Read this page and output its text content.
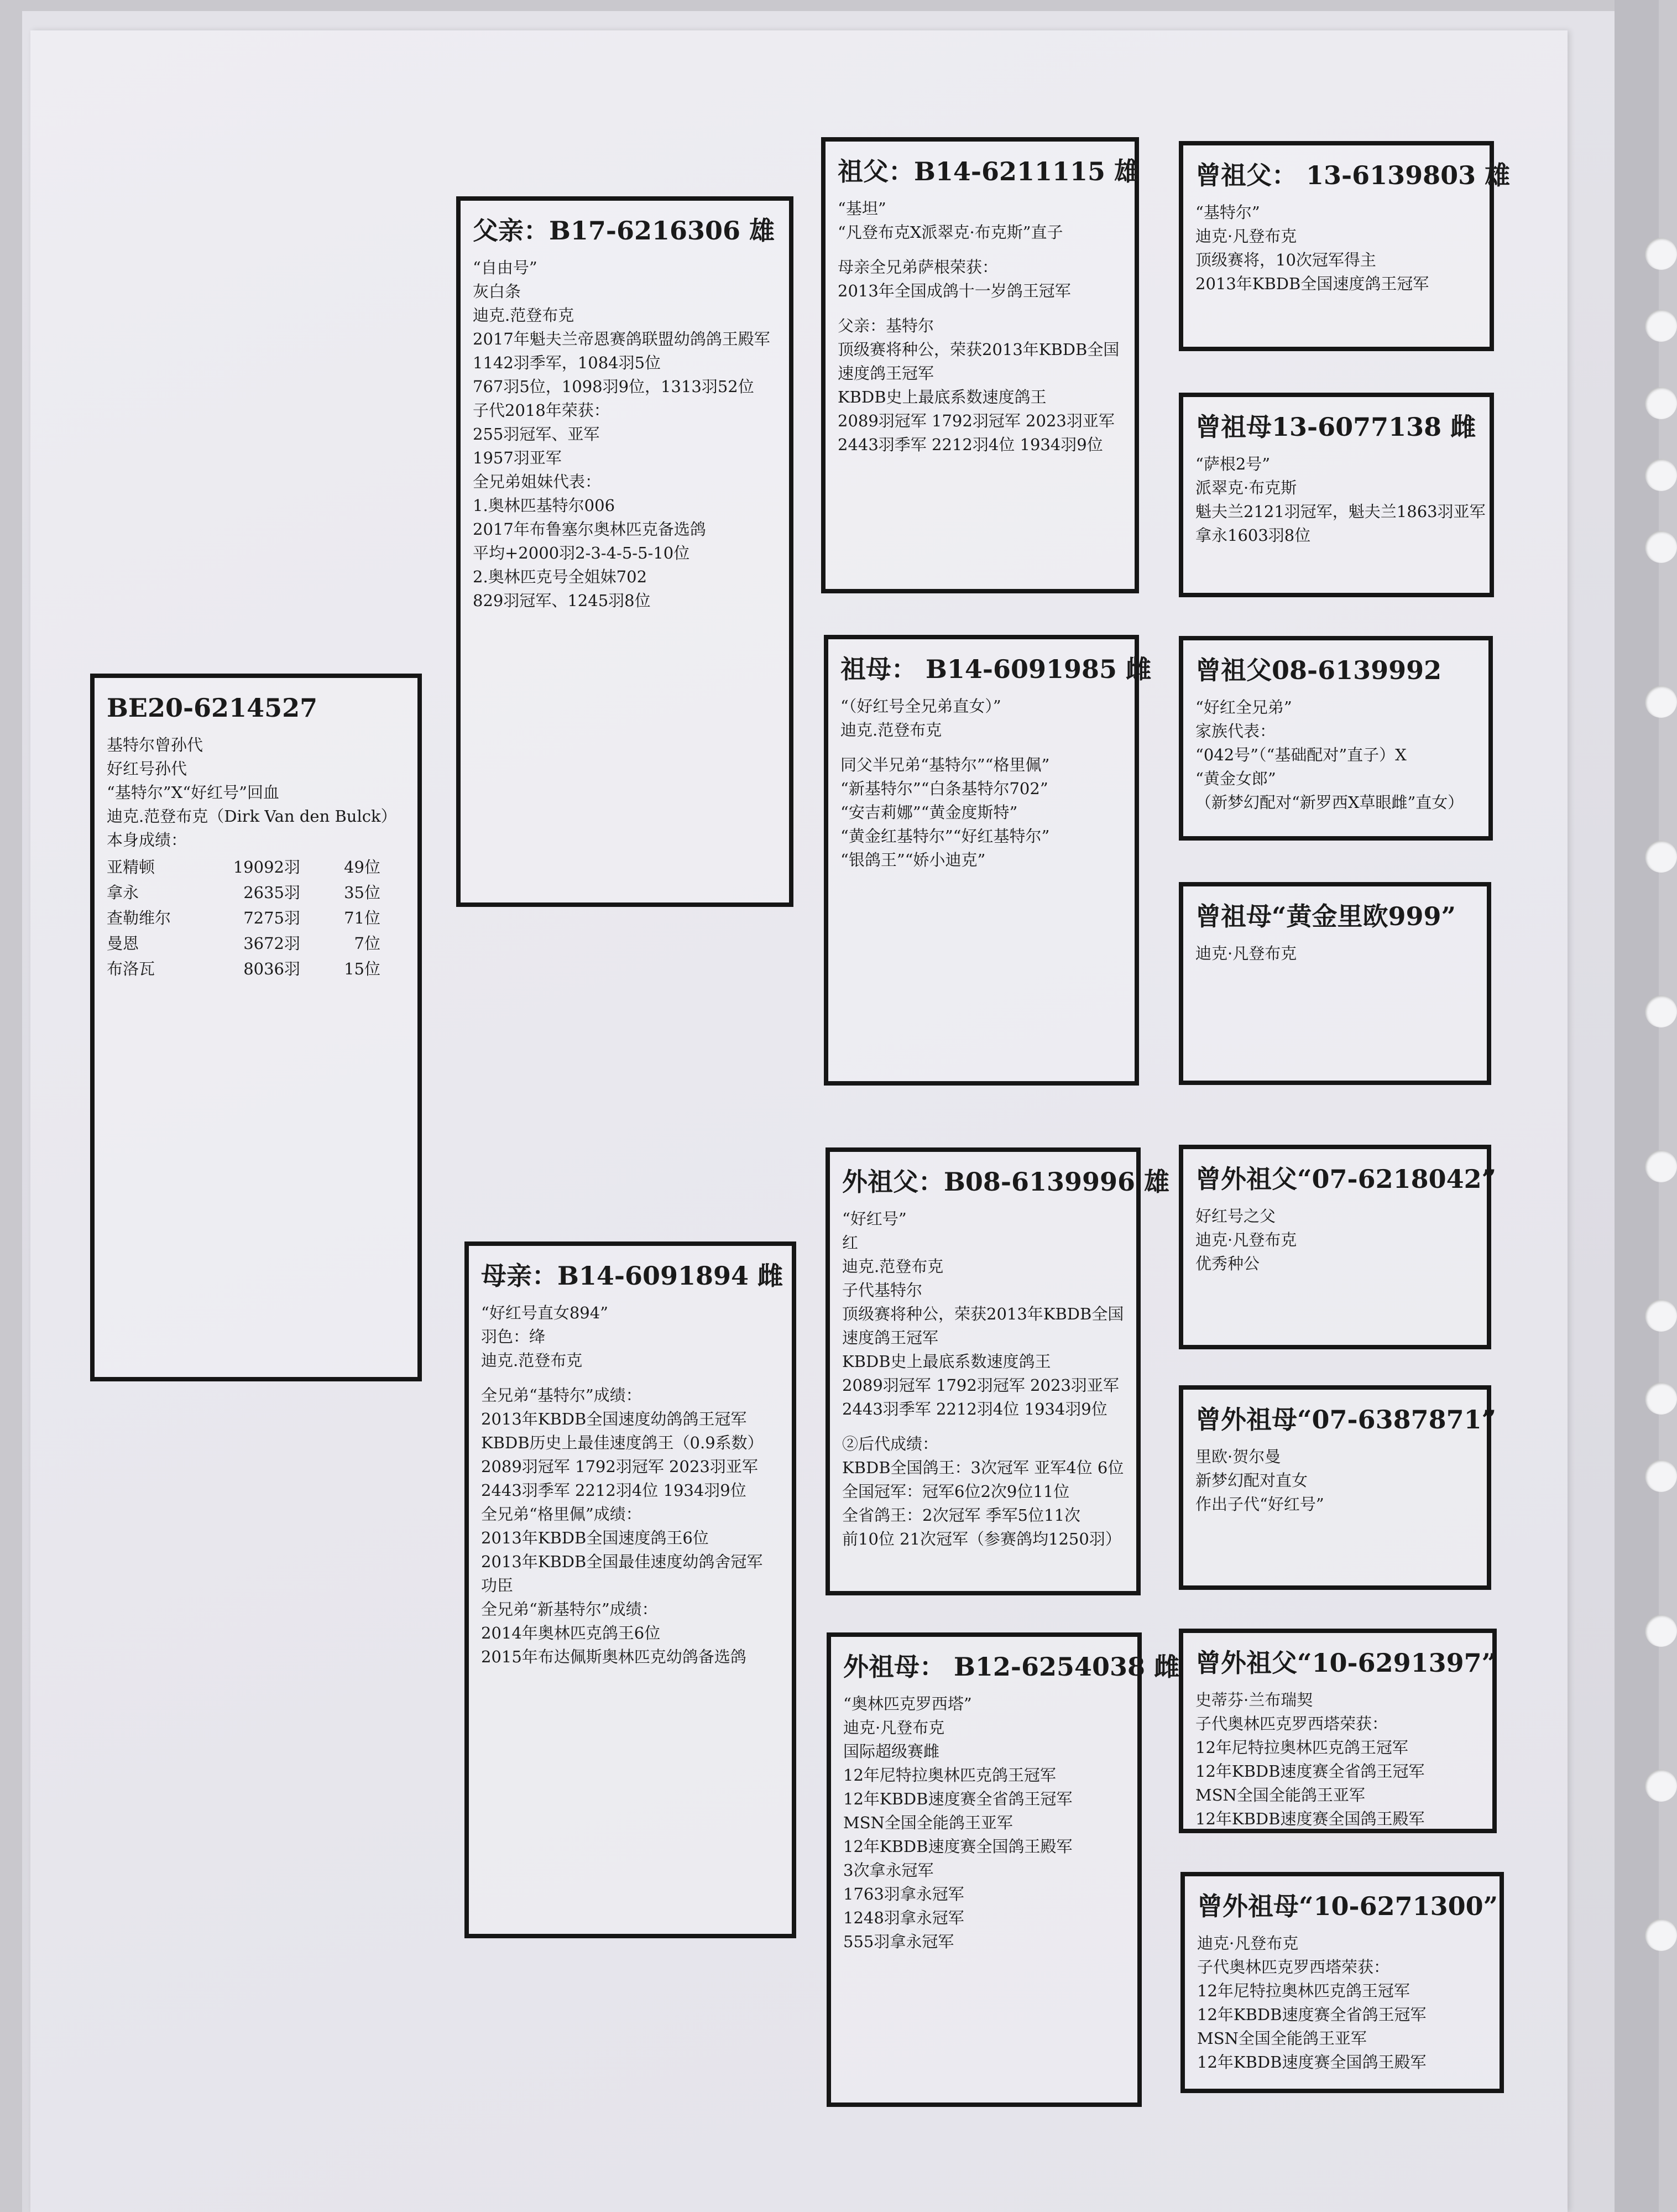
BE20-6214527
基特尔曾孙代
好红号孙代
“基特尔”X“好红号”回血
迪克.范登布克（Dirk Van den Bulck）
本身成绩：
亚精顿	19092羽	49位
拿永	2635羽	35位
查勒维尔	7275羽	71位
曼恩	3672羽	7位
布洛瓦	8036羽	15位
父亲：B17-6216306 雄
“自由号”
灰白条
迪克.范登布克
2017年魁夫兰帝恩赛鸽联盟幼鸽鸽王殿军
1142羽季军，1084羽5位
767羽5位，1098羽9位，1313羽52位
子代2018年荣获：
255羽冠军、亚军
1957羽亚军
全兄弟姐妹代表：
1.奥林匹基特尔006
2017年布鲁塞尔奥林匹克备选鸽
平均+2000羽2-3-4-5-5-10位
2.奥林匹克号全姐妹702
829羽冠军、1245羽8位
母亲：B14-6091894 雌
“好红号直女894”
羽色：绛
迪克.范登布克
全兄弟“基特尔”成绩：
2013年KBDB全国速度幼鸽鸽王冠军
KBDB历史上最佳速度鸽王（0.9系数）
2089羽冠军 1792羽冠军 2023羽亚军
2443羽季军 2212羽4位 1934羽9位
全兄弟“格里佩”成绩：
2013年KBDB全国速度鸽王6位
2013年KBDB全国最佳速度幼鸽舍冠军
功臣
全兄弟“新基特尔”成绩：
2014年奥林匹克鸽王6位
2015年布达佩斯奥林匹克幼鸽备选鸽
祖父：B14-6211115 雄
“基坦”
“凡登布克X派翠克·布克斯”直子
母亲全兄弟萨根荣获：
2013年全国成鸽十一岁鸽王冠军
父亲：基特尔
顶级赛将种公，荣获2013年KBDB全国
速度鸽王冠军
KBDB史上最底系数速度鸽王
2089羽冠军 1792羽冠军 2023羽亚军
2443羽季军 2212羽4位 1934羽9位
祖母： B14-6091985 雌
“（好红号全兄弟直女）”
迪克.范登布克
同父半兄弟“基特尔”“格里佩”
“新基特尔”“白条基特尔702”
“安吉莉娜”“黄金度斯特”
“黄金红基特尔”“好红基特尔”
“银鸽王”“娇小迪克”
外祖父：B08-6139996 雄
“好红号”
红
迪克.范登布克
子代基特尔
顶级赛将种公，荣获2013年KBDB全国
速度鸽王冠军
KBDB史上最底系数速度鸽王
2089羽冠军 1792羽冠军 2023羽亚军
2443羽季军 2212羽4位 1934羽9位
②后代成绩：
KBDB全国鸽王：3次冠军 亚军4位 6位
全国冠军：冠军6位2次9位11位
全省鸽王：2次冠军 季军5位11次
前10位 21次冠军（参赛鸽均1250羽）
外祖母： B12-6254038 雌
“奥林匹克罗西塔”
迪克·凡登布克
国际超级赛雌
12年尼特拉奥林匹克鸽王冠军
12年KBDB速度赛全省鸽王冠军
MSN全国全能鸽王亚军
12年KBDB速度赛全国鸽王殿军
3次拿永冠军
1763羽拿永冠军
1248羽拿永冠军
555羽拿永冠军
曾祖父： 13-6139803 雄
“基特尔”
迪克·凡登布克
顶级赛将，10次冠军得主
2013年KBDB全国速度鸽王冠军
曾祖母13-6077138 雌
“萨根2号”
派翠克·布克斯
魁夫兰2121羽冠军，魁夫兰1863羽亚军
拿永1603羽8位
曾祖父08-6139992
“好红全兄弟”
家族代表：
“042号”（“基础配对”直子）X
“黄金女郎”
（新梦幻配对“新罗西X草眼雌”直女）
曾祖母“黄金里欧999”
迪克·凡登布克
曾外祖父“07-6218042”
好红号之父
迪克·凡登布克
优秀种公
曾外祖母“07-6387871”
里欧·贺尔曼
新梦幻配对直女
作出子代“好红号”
曾外祖父“10-6291397”
史蒂芬·兰布瑞契
子代奥林匹克罗西塔荣获：
12年尼特拉奥林匹克鸽王冠军
12年KBDB速度赛全省鸽王冠军
MSN全国全能鸽王亚军
12年KBDB速度赛全国鸽王殿军
曾外祖母“10-6271300”
迪克·凡登布克
子代奥林匹克罗西塔荣获：
12年尼特拉奥林匹克鸽王冠军
12年KBDB速度赛全省鸽王冠军
MSN全国全能鸽王亚军
12年KBDB速度赛全国鸽王殿军
